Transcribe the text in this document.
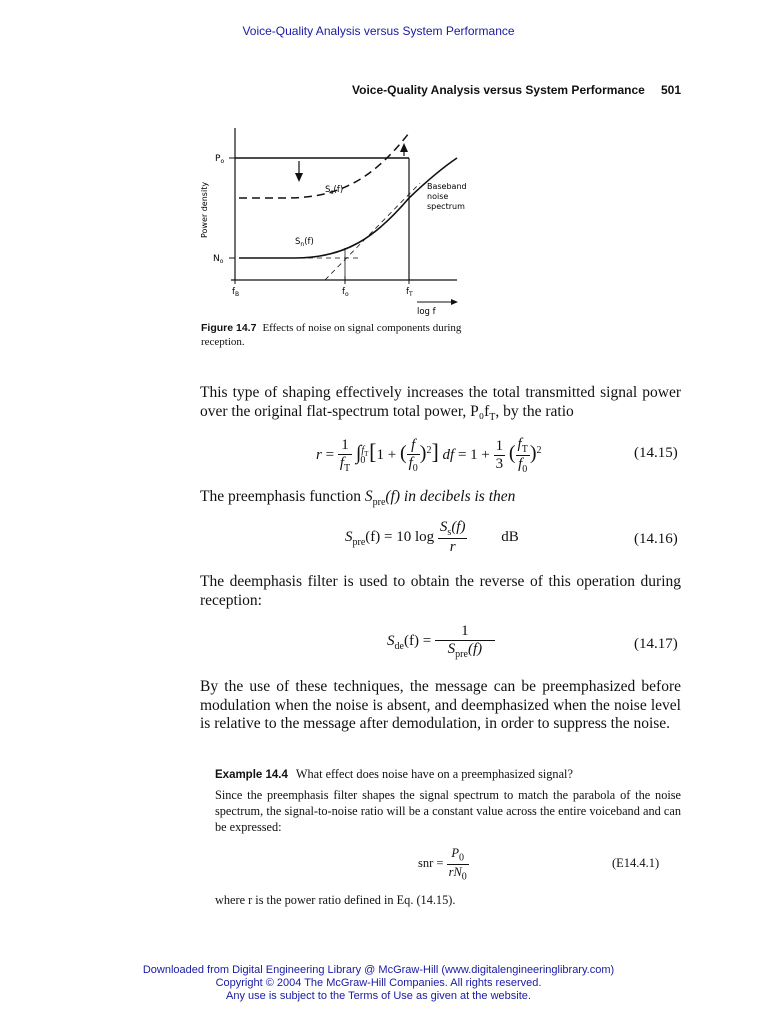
Voice-Quality Analysis versus System Performance
Voice-Quality Analysis versus System Performance 501
Power density
$P_o$
$N_o$
$S_s(f)$
$S_n(f)$
Baseband
noise
spectrum
$f_B$	$f_o$	$f_T$
log f
Figure 14.7 Effects of noise on signal components during reception.
This type of shaping effectively increases the total transmitted signal power over the original flat-spectrum total power, $P_0f_T$, by the ratio
$r = \frac{1}{f_T} \int^{f_T}_0$ [1 + ( $\frac{f}{f_0} )^2$] df = $1 + \frac{1}{3}$ ( $\frac{f_T}{f_0} )^2$	(14.15)
The preemphasis function $S_{pre}(f)$ in decibels is then
$S_{pre}(f) = 10$ $\log \frac{S_s(f)}{r}$ dB	(14.16)
The deemphasis filter is used to obtain the reverse of this operation during reception:
$S_{de}(f) = \frac{1}{S_{pre}(f)}$	(14.17)
By the use of these techniques, the message can be preemphasized before modulation when the noise is absent, and deemphasized when the noise level is relative to the message after demodulation, in order to suppress the noise.
Example 14.4 What effect does noise have on a preemphasized signal?
Since the preemphasis filter shapes the signal spectrum to match the parabola of the noise spectrum, the signal-to-noise ratio will be a constant value across the entire voiceband and can be expressed:
snr = $\frac{P_0}{rN_0}$	(E14.4.1)
where r is the power ratio defined in Eq. (14.15).
Downloaded from Digital Engineering Library @ McGraw-Hill (www.digitalengineeringlibrary.com)
Copyright © 2004 The McGraw-Hill Companies. All rights reserved.
Any use is subject to the Terms of Use as given at the website.
